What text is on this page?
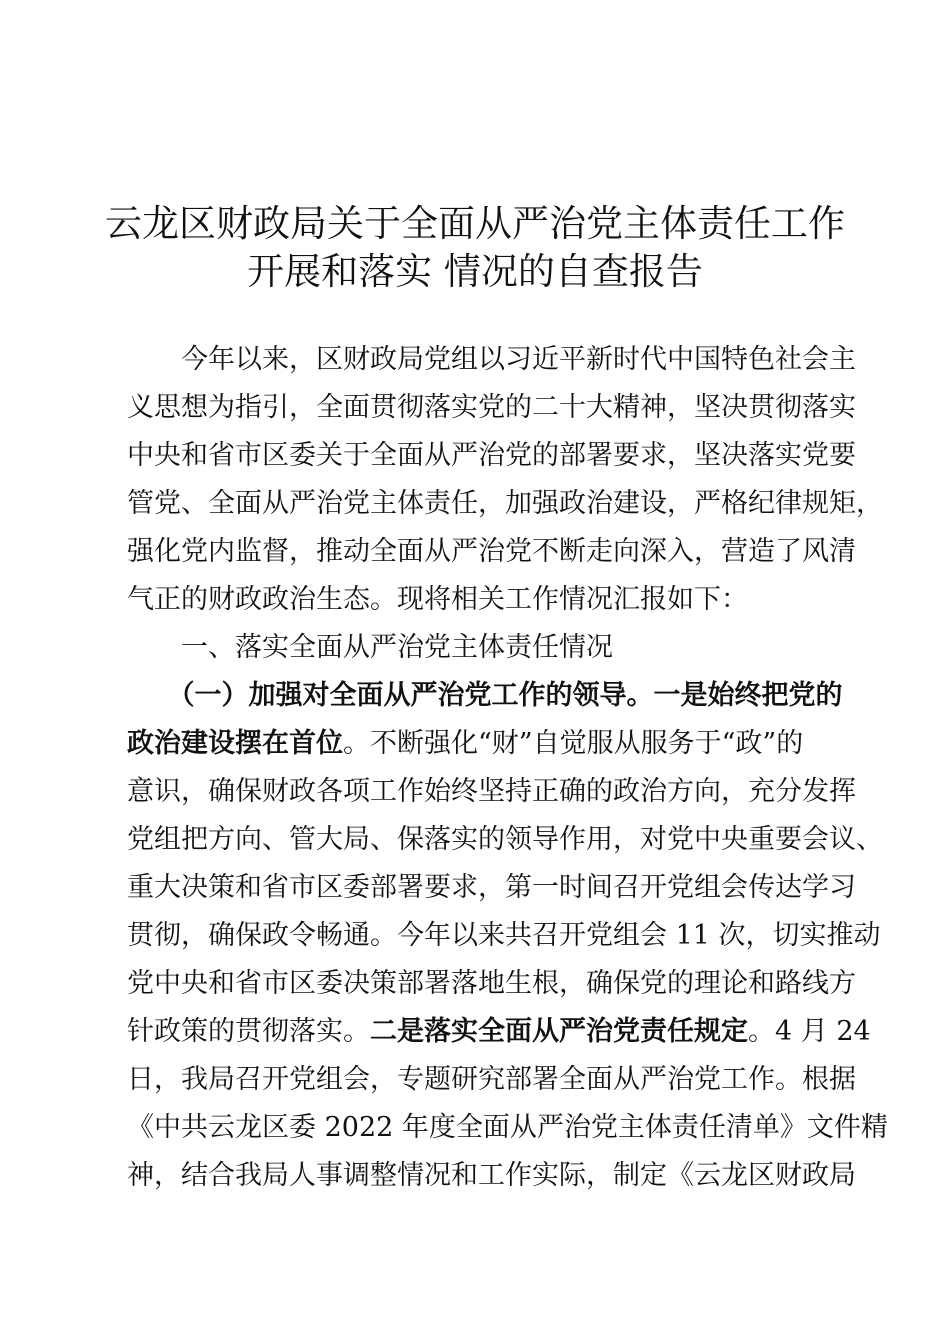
云龙区财政局关于全面从严治党主体责任工作
开展和落实 情况的自查报告

　　今年以来，区财政局党组以习近平新时代中国特色社会主

义思想为指引，全面贯彻落实党的二十大精神，坚决贯彻落实

中央和省市区委关于全面从严治党的部署要求，坚决落实党要

管党、全面从严治党主体责任，加强政治建设，严格纪律规矩，

强化党内监督，推动全面从严治党不断走向深入，营造了风清

气正的财政政治生态。现将相关工作情况汇报如下：

　　一、落实全面从严治党主体责任情况

　　（一）加强对全面从严治党工作的领导。一是始终把党的

政治建设摆在首位。不断强化“财”自觉服从服务于“政”的

意识，确保财政各项工作始终坚持正确的政治方向，充分发挥

党组把方向、管大局、保落实的领导作用，对党中央重要会议、

重大决策和省市区委部署要求，第一时间召开党组会传达学习

贯彻，确保政令畅通。今年以来共召开党组会 11 次，切实推动

党中央和省市区委决策部署落地生根，确保党的理论和路线方

针政策的贯彻落实。二是落实全面从严治党责任规定。4 月 24

日，我局召开党组会，专题研究部署全面从严治党工作。根据

《中共云龙区委 2022 年度全面从严治党主体责任清单》文件精

神，结合我局人事调整情况和工作实际，制定《云龙区财政局
